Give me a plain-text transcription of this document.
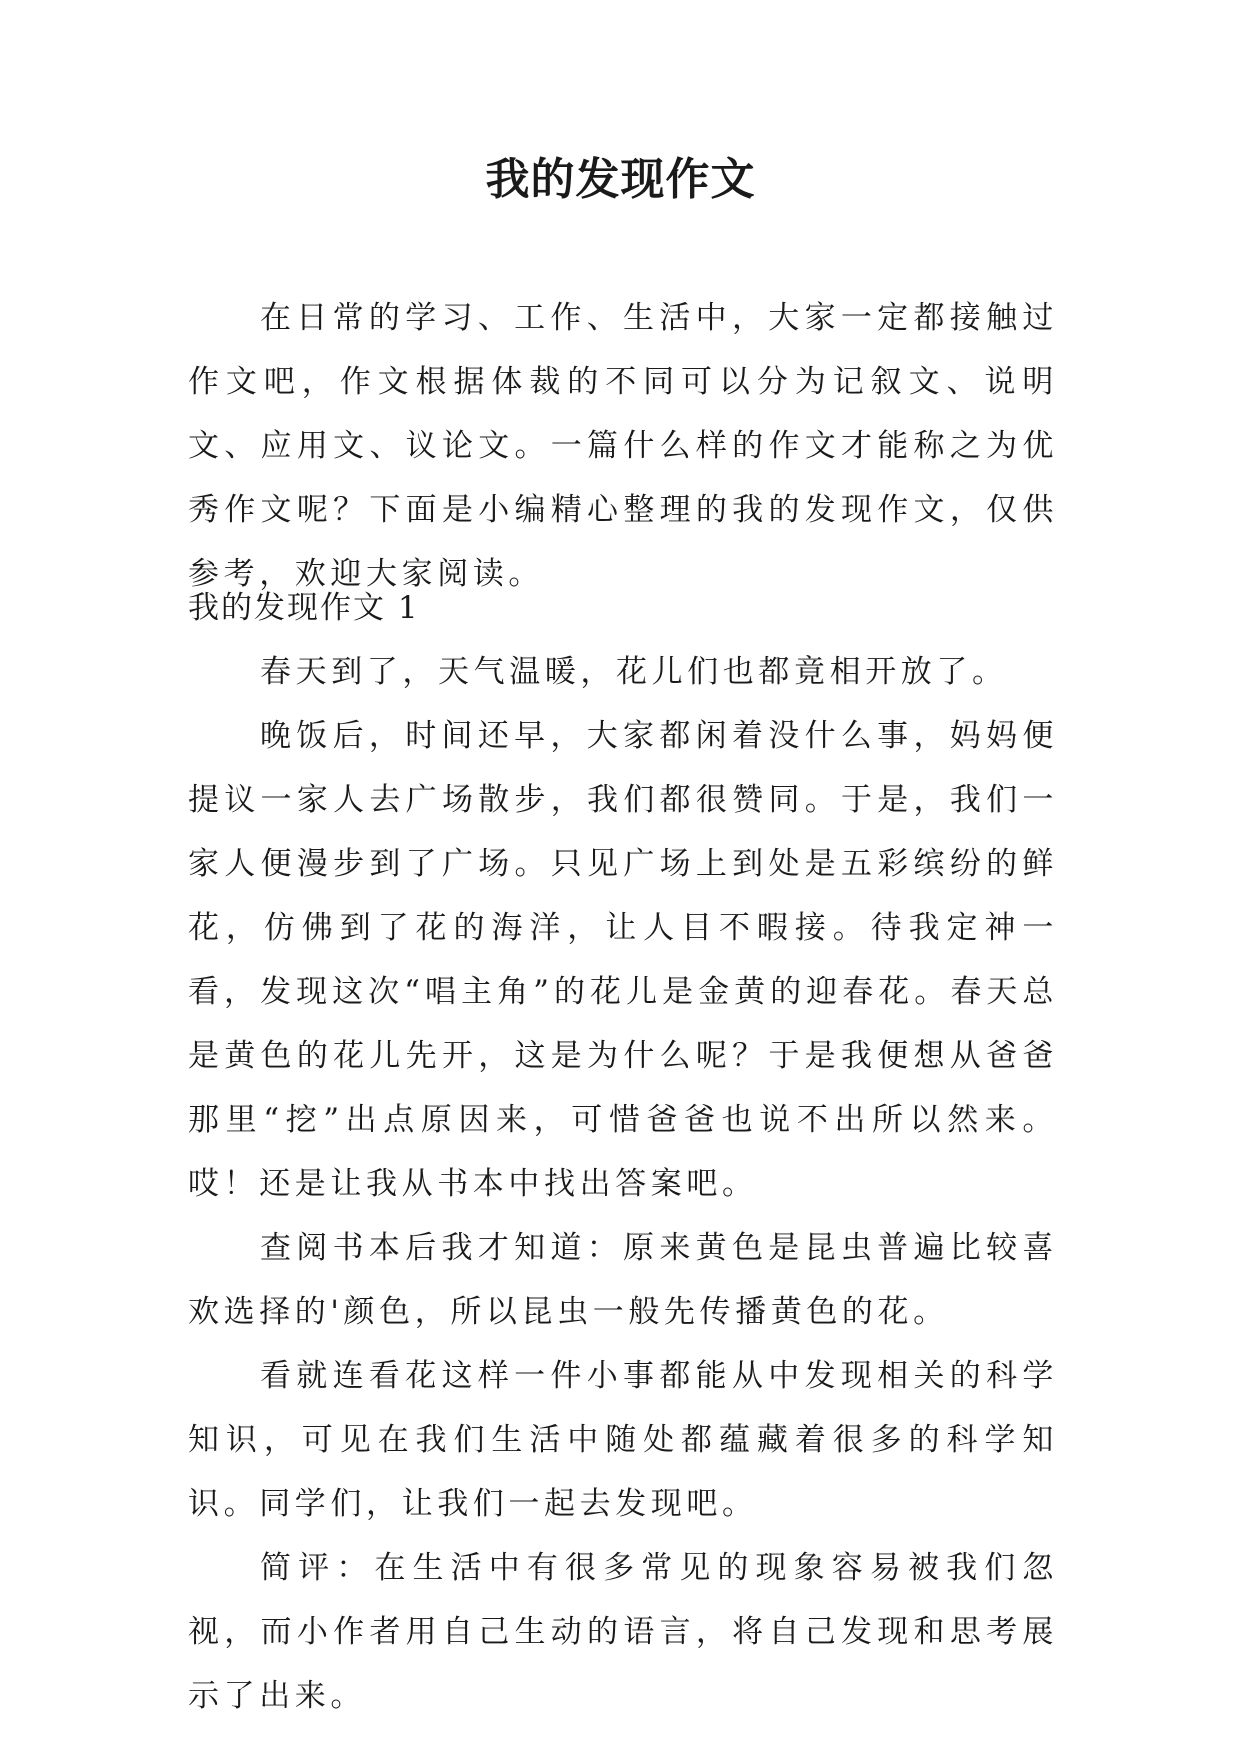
我的发现作文

在日常的学习、工作、生活中，大家一定都接触过作文吧，作文根据体裁的不同可以分为记叙文、说明文、应用文、议论文。一篇什么样的作文才能称之为优秀作文呢？下面是小编精心整理的我的发现作文，仅供参考，欢迎大家阅读。

我的发现作文 1

春天到了，天气温暖，花儿们也都竟相开放了。

晚饭后，时间还早，大家都闲着没什么事，妈妈便提议一家人去广场散步，我们都很赞同。于是，我们一家人便漫步到了广场。只见广场上到处是五彩缤纷的鲜花，仿佛到了花的海洋，让人目不暇接。待我定神一看，发现这次“唱主角”的花儿是金黄的迎春花。春天总是黄色的花儿先开，这是为什么呢？于是我便想从爸爸那里“挖”出点原因来，可惜爸爸也说不出所以然来。哎！还是让我从书本中找出答案吧。

查阅书本后我才知道：原来黄色是昆虫普遍比较喜欢选择的'颜色，所以昆虫一般先传播黄色的花。

看就连看花这样一件小事都能从中发现相关的科学知识，可见在我们生活中随处都蕴藏着很多的科学知识。同学们，让我们一起去发现吧。

简评：在生活中有很多常见的现象容易被我们忽视，而小作者用自己生动的语言，将自己发现和思考展示了出来。
